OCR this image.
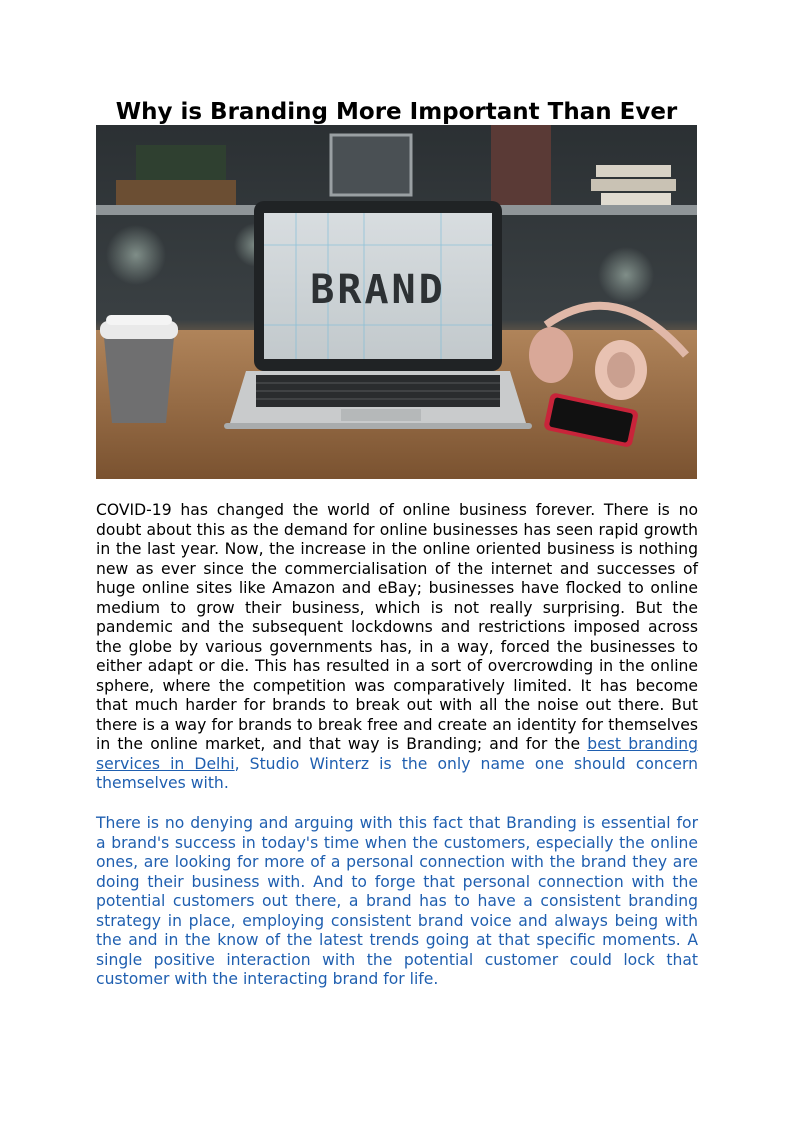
Why is Branding More Important Than Ever
BRAND

COVID-19 has changed the world of online business forever. There is no doubt about this as the demand for online businesses has seen rapid growth in the last year. Now, the increase in the online oriented business is nothing new as ever since the commercialisation of the internet and successes of huge online sites like Amazon and eBay; businesses have flocked to online medium to grow their business, which is not really surprising. But the pandemic and the subsequent lockdowns and restrictions imposed across the globe by various governments has, in a way, forced the businesses to either adapt or die. This has resulted in a sort of overcrowding in the online sphere, where the competition was comparatively limited. It has become that much harder for brands to break out with all the noise out there. But there is a way for brands to break free and create an identity for themselves in the online market, and that way is Branding; and for the best branding services in Delhi, Studio Winterz is the only name one should concern themselves with.

There is no denying and arguing with this fact that Branding is essential for a brand's success in today's time when the customers, especially the online ones, are looking for more of a personal connection with the brand they are doing their business with. And to forge that personal connection with the potential customers out there, a brand has to have a consistent branding strategy in place, employing consistent brand voice and always being with the and in the know of the latest trends going at that specific moments. A single positive interaction with the potential customer could lock that customer with the interacting brand for life.
